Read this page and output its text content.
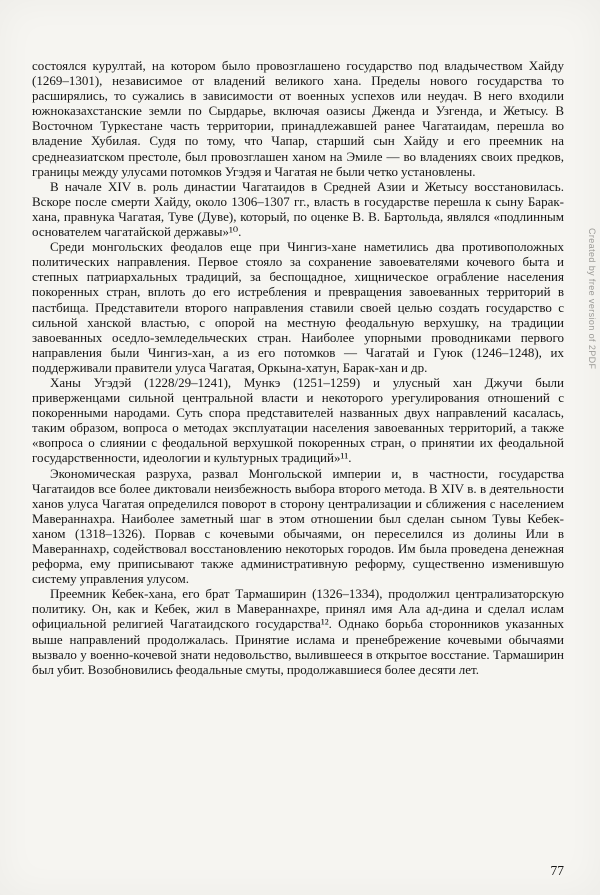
состоялся курултай, на котором было провозглашено государство под владычеством Хайду (1269–1301), независимое от владений великого хана. Пределы нового государства то расширялись, то сужались в зависимости от военных успехов или неудач. В него входили южноказахстанские земли по Сырдарье, включая оазисы Дженда и Узгенда, и Жетысу. В Восточном Туркестане часть территории, принадлежавшей ранее Чагатаидам, перешла во владение Хубилая. Судя по тому, что Чапар, старший сын Хайду и его преемник на среднеазиатском престоле, был провозглашен ханом на Эмиле — во владениях своих предков, границы между улусами потомков Угэдэя и Чагатая не были четко установлены.

В начале XIV в. роль династии Чагатаидов в Средней Азии и Жетысу восстановилась. Вскоре после смерти Хайду, около 1306–1307 гг., власть в государстве перешла к сыну Барак-хана, правнука Чагатая, Туве (Дуве), который, по оценке В. В. Бартольда, являлся «подлинным основателем чагатайской державы»¹⁰.

Среди монгольских феодалов еще при Чингиз-хане наметились два противоположных политических направления. Первое стояло за сохранение завоевателями кочевого быта и степных патриархальных традиций, за беспощадное, хищническое ограбление населения покоренных стран, вплоть до его истребления и превращения завоеванных территорий в пастбища. Представители второго направления ставили своей целью создать государство с сильной ханской властью, с опорой на местную феодальную верхушку, на традиции завоеванных оседло-земледельческих стран. Наиболее упорными проводниками первого направления были Чингиз-хан, а из его потомков — Чагатай и Гуюк (1246–1248), их поддерживали правители улуса Чагатая, Оркына-хатун, Барак-хан и др.

Ханы Угэдэй (1228/29–1241), Мункэ (1251–1259) и улусный хан Джучи были приверженцами сильной центральной власти и некоторого урегулирования отношений с покоренными народами. Суть спора представителей названных двух направлений касалась, таким образом, вопроса о методах эксплуатации населения завоеванных территорий, а также «вопроса о слиянии с феодальной верхушкой покоренных стран, о принятии их феодальной государственности, идеологии и культурных традиций»¹¹.

Экономическая разруха, развал Монгольской империи и, в частности, государства Чагатаидов все более диктовали неизбежность выбора второго метода. В XIV в. в деятельности ханов улуса Чагатая определился поворот в сторону централизации и сближения с населением Мавераннахра. Наиболее заметный шаг в этом отношении был сделан сыном Тувы Кебек-ханом (1318–1326). Порвав с кочевыми обычаями, он переселился из долины Или в Мавераннахр, содействовал восстановлению некоторых городов. Им была проведена денежная реформа, ему приписывают также административную реформу, существенно изменившую систему управления улусом.

Преемник Кебек-хана, его брат Тармаширин (1326–1334), продолжил централизаторскую политику. Он, как и Кебек, жил в Мавераннахре, принял имя Ала ад-дина и сделал ислам официальной религией Чагатаидского государства¹². Однако борьба сторонников указанных выше направлений продолжалась. Принятие ислама и пренебрежение кочевыми обычаями вызвало у военно-кочевой знати недовольство, вылившееся в открытое восстание. Тармаширин был убит. Возобновились феодальные смуты, продолжавшиеся более десяти лет.

77
Created by free version of 2PDF
